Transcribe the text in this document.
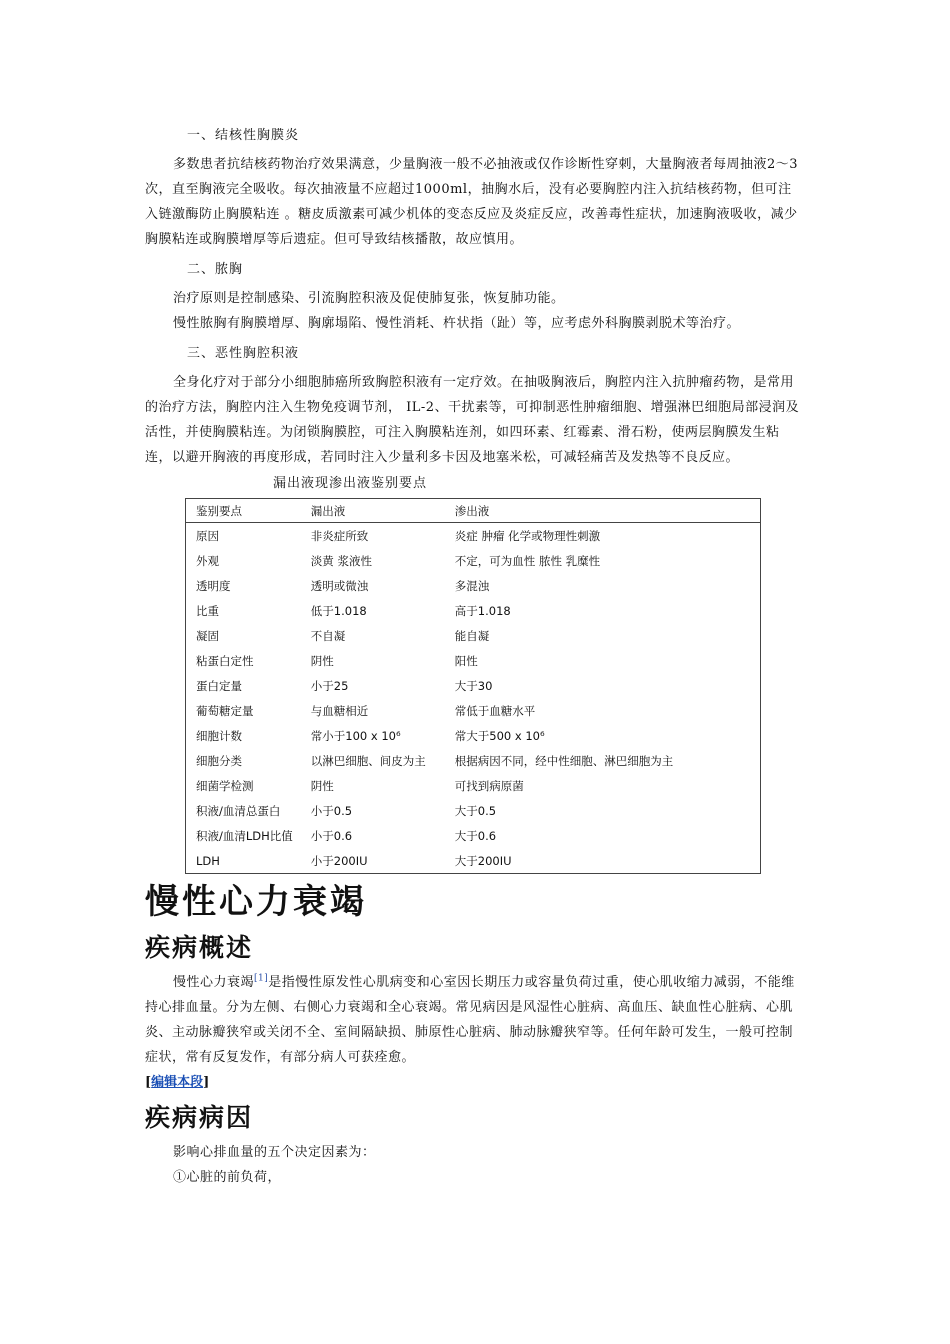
一、结核性胸膜炎

多数患者抗结核药物治疗效果满意，少量胸液一般不必抽液或仅作诊断性穿刺，大量胸液者每周抽液2～3次，直至胸液完全吸收。每次抽液量不应超过1000ml，抽胸水后，没有必要胸腔内注入抗结核药物，但可注入链激酶防止胸膜粘连 。糖皮质激素可减少机体的变态反应及炎症反应，改善毒性症状，加速胸液吸收，减少胸膜粘连或胸膜增厚等后遗症。但可导致结核播散，故应慎用。

二、脓胸

治疗原则是控制感染、引流胸腔积液及促使肺复张，恢复肺功能。

慢性脓胸有胸膜增厚、胸廓塌陷、慢性消耗、杵状指（趾）等，应考虑外科胸膜剥脱术等治疗。

三、恶性胸腔积液

全身化疗对于部分小细胞肺癌所致胸腔积液有一定疗效。在抽吸胸液后，胸腔内注入抗肿瘤药物，是常用的治疗方法，胸腔内注入生物免疫调节剂， IL-2、干扰素等，可抑制恶性肿瘤细胞、增强淋巴细胞局部浸润及活性，并使胸膜粘连。为闭锁胸膜腔，可注入胸膜粘连剂，如四环素、红霉素、滑石粉，使两层胸膜发生粘连，以避开胸液的再度形成，若同时注入少量利多卡因及地塞米松，可减轻痛苦及发热等不良反应。

漏出液现渗出液鉴别要点
鉴别要点	漏出液	渗出液
原因	非炎症所致	炎症 肿瘤 化学或物理性刺激
外观	淡黄 浆液性	不定，可为血性 脓性 乳糜性
透明度	透明或微浊	多混浊
比重	低于1.018	高于1.018
凝固	不自凝	能自凝
粘蛋白定性	阴性	阳性
蛋白定量	小于25	大于30
葡萄糖定量	与血糖相近	常低于血糖水平
细胞计数	常小于100 x 10⁶	常大于500 x 10⁶
细胞分类	以淋巴细胞、间皮为主	根据病因不同，经中性细胞、淋巴细胞为主
细菌学检测	阴性	可找到病原菌
积液/血清总蛋白	小于0.5	大于0.5
积液/血清LDH比值	小于0.6	大于0.6
LDH	小于200IU	大于200IU
慢性心力衰竭
疾病概述

慢性心力衰竭[1]是指慢性原发性心肌病变和心室因长期压力或容量负荷过重，使心肌收缩力减弱，不能维持心排血量。分为左侧、右侧心力衰竭和全心衰竭。常见病因是风湿性心脏病、高血压、缺血性心脏病、心肌炎、主动脉瓣狭窄或关闭不全、室间隔缺损、肺原性心脏病、肺动脉瓣狭窄等。任何年龄可发生，一般可控制症状，常有反复发作，有部分病人可获痊愈。

[编辑本段]
疾病病因

影响心排血量的五个决定因素为：

①心脏的前负荷，
